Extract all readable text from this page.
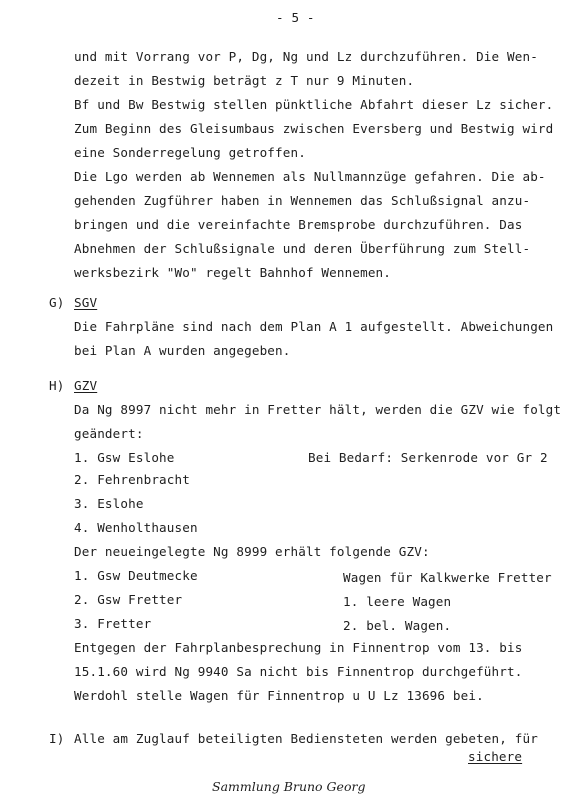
- 5 -
und mit Vorrang vor P, Dg, Ng und Lz durchzuführen. Die Wen-
dezeit in Bestwig beträgt z T nur 9 Minuten.
Bf und Bw Bestwig stellen pünktliche Abfahrt dieser Lz sicher.
Zum Beginn des Gleisumbaus zwischen Eversberg und Bestwig wird
eine Sonderregelung getroffen.
Die Lgo werden ab Wennemen als Nullmannzüge gefahren. Die ab-
gehenden Zugführer haben in Wennemen das Schlußsignal anzu-
bringen und die vereinfachte Bremsprobe durchzuführen. Das
Abnehmen der Schlußsignale und deren Überführung zum Stell-
werksbezirk "Wo" regelt Bahnhof Wennemen.
G) SGV
Die Fahrpläne sind nach dem Plan A 1 aufgestellt. Abweichungen
bei Plan A wurden angegeben.
H) GZV
Da Ng 8997 nicht mehr in Fretter hält, werden die GZV wie folgt
geändert:
1. Gsw Eslohe	Bei Bedarf: Serkenrode vor Gr 2
2. Fehrenbracht
3. Eslohe
4. Wenholthausen
Der neueingelegte Ng 8999 erhält folgende GZV:
1. Gsw Deutmecke	Wagen für Kalkwerke Fretter
2. Gsw Fretter	1. leere Wagen
3. Fretter	2. bel. Wagen.
Entgegen der Fahrplanbesprechung in Finnentrop vom 13. bis
15.1.60 wird Ng 9940 Sa nicht bis Finnentrop durchgeführt.
Werdohl stelle Wagen für Finnentrop u U Lz 13696 bei.
I) Alle am Zuglauf beteiligten Bediensteten werden gebeten, für
sichere
Sammlung Bruno Georg
